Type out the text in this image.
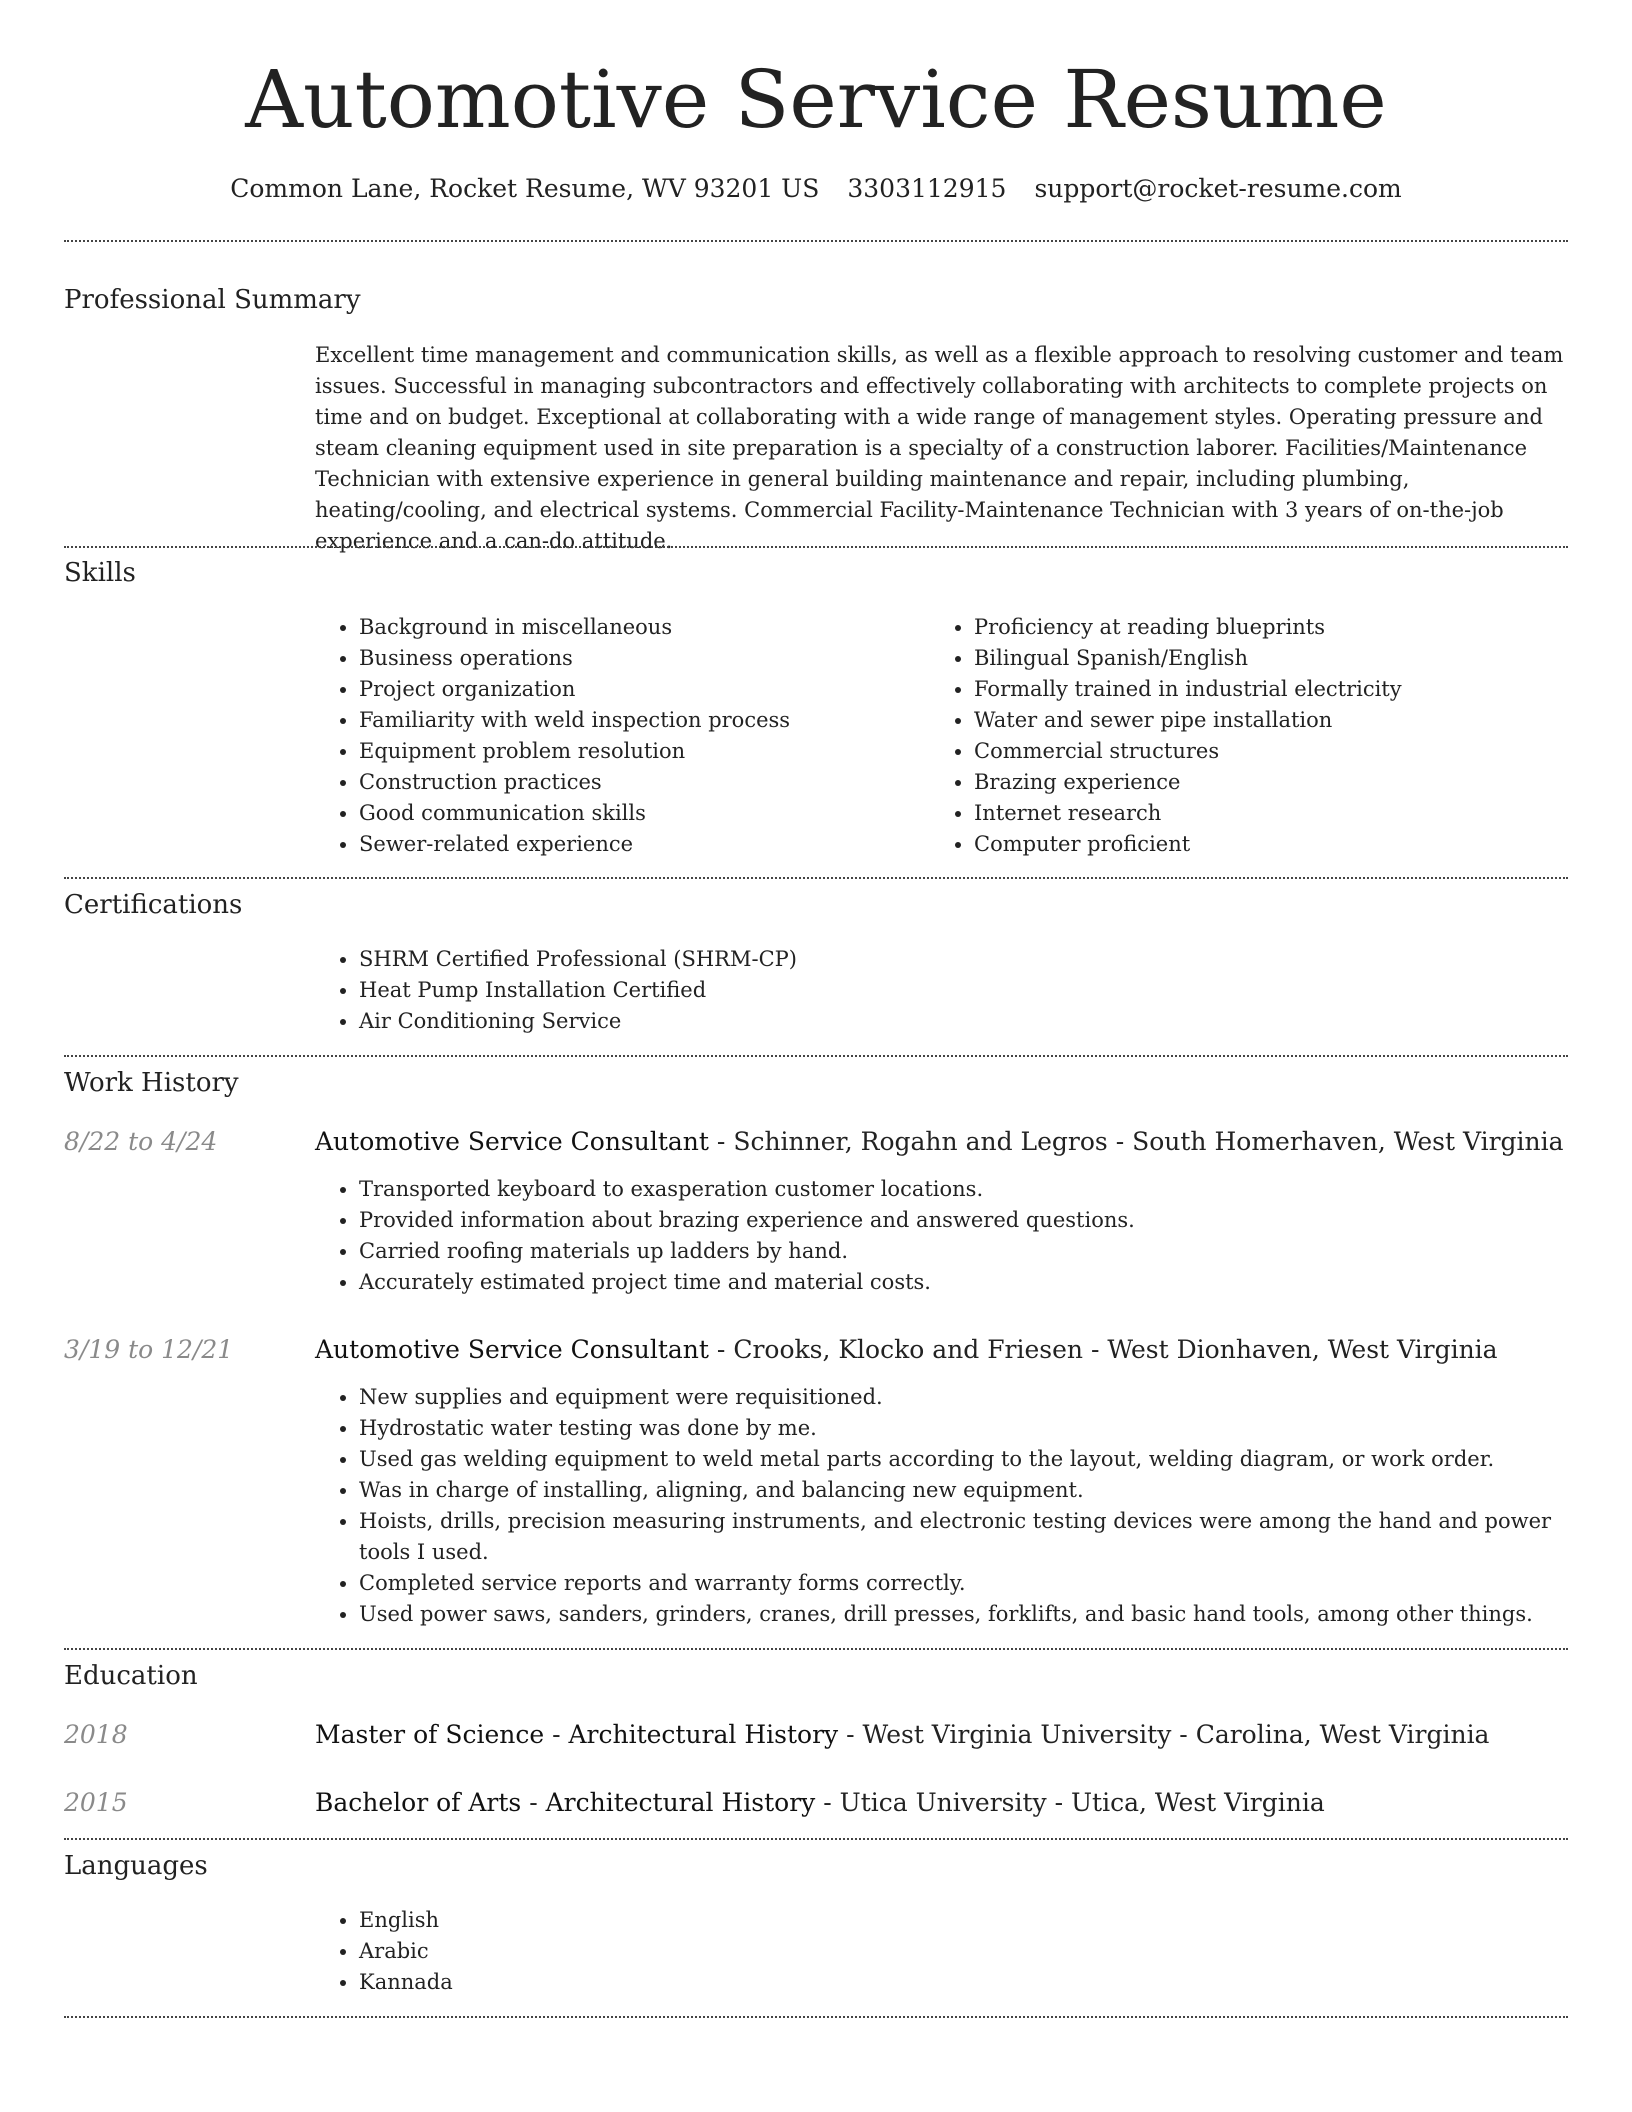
Automotive Service Resume
Common Lane, Rocket Resume, WV 93201 US 3303112915 support@rocket-resume.com
Professional Summary

Excellent time management and communication skills, as well as a flexible approach to resolving customer and team issues. Successful in managing subcontractors and effectively collaborating with architects to complete projects on time and on budget. Exceptional at collaborating with a wide range of management styles. Operating pressure and steam cleaning equipment used in site preparation is a specialty of a construction laborer. Facilities/Maintenance Technician with extensive experience in general building maintenance and repair, including plumbing, heating/cooling, and electrical systems. Commercial Facility-Maintenance Technician with 3 years of on-the-job experience and a can-do attitude.

Skills
• Background in miscellaneous
• Business operations
• Project organization
• Familiarity with weld inspection process
• Equipment problem resolution
• Construction practices
• Good communication skills
• Sewer-related experience
• Proficiency at reading blueprints
• Bilingual Spanish/English
• Formally trained in industrial electricity
• Water and sewer pipe installation
• Commercial structures
• Brazing experience
• Internet research
• Computer proficient
Certifications
• SHRM Certified Professional (SHRM-CP)
• Heat Pump Installation Certified
• Air Conditioning Service
Work History
8/22 to 4/24	Automotive Service Consultant - Schinner, Rogahn and Legros - South Homerhaven, West Virginia
• Transported keyboard to exasperation customer locations.
• Provided information about brazing experience and answered questions.
• Carried roofing materials up ladders by hand.
• Accurately estimated project time and material costs.
3/19 to 12/21	Automotive Service Consultant - Crooks, Klocko and Friesen - West Dionhaven, West Virginia
• New supplies and equipment were requisitioned.
• Hydrostatic water testing was done by me.
• Used gas welding equipment to weld metal parts according to the layout, welding diagram, or work order.
• Was in charge of installing, aligning, and balancing new equipment.
• Hoists, drills, precision measuring instruments, and electronic testing devices were among the hand and power tools I used.
• Completed service reports and warranty forms correctly.
• Used power saws, sanders, grinders, cranes, drill presses, forklifts, and basic hand tools, among other things.
Education
2018	Master of Science - Architectural History - West Virginia University - Carolina, West Virginia
2015	Bachelor of Arts - Architectural History - Utica University - Utica, West Virginia
Languages
• English
• Arabic
• Kannada
